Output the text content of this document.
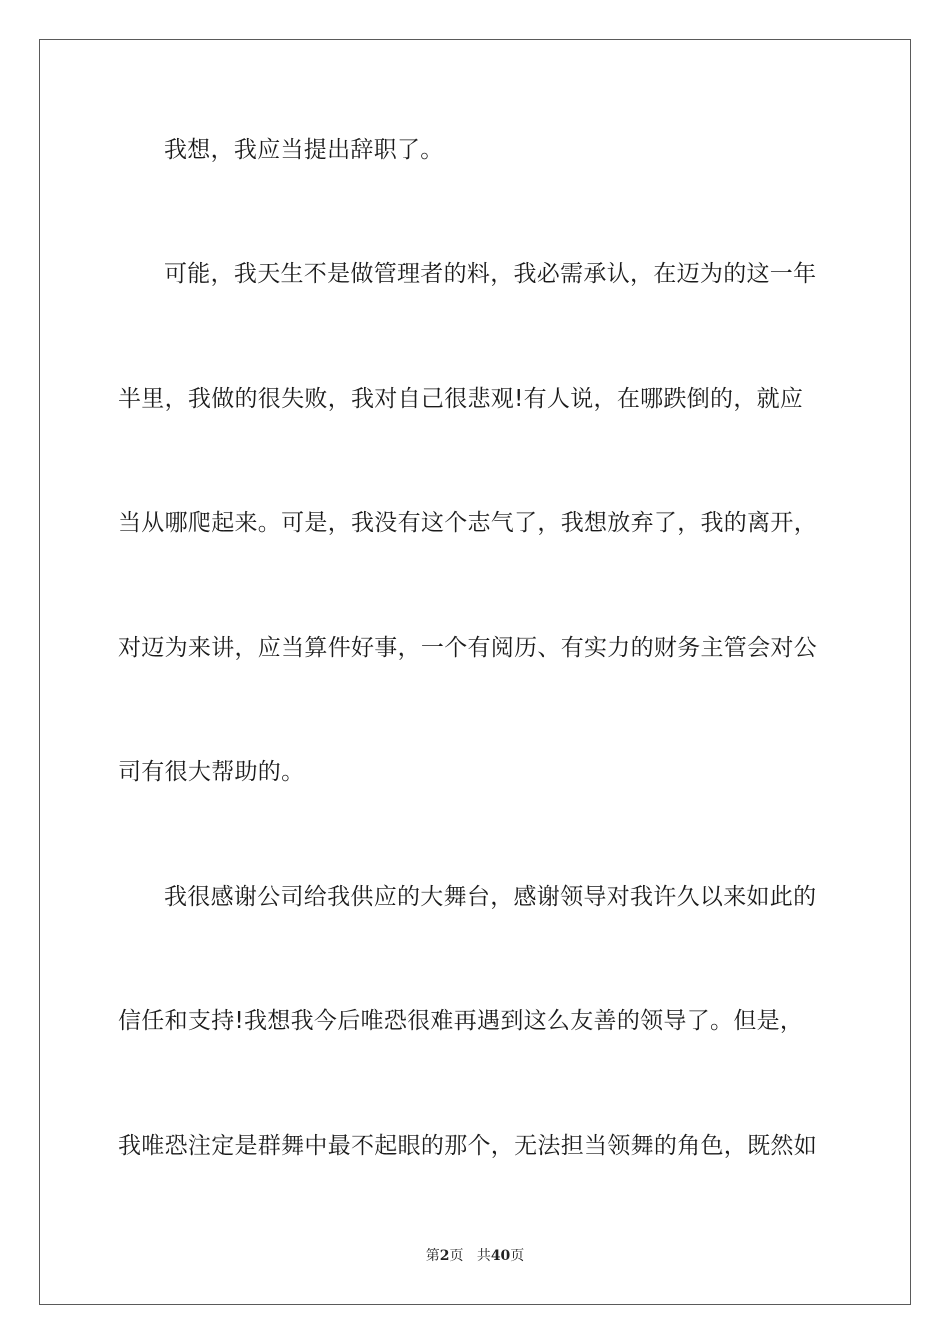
我想，我应当提出辞职了。
可能，我天生不是做管理者的料，我必需承认，在迈为的这一年
半里，我做的很失败，我对自己很悲观!有人说，在哪跌倒的，就应
当从哪爬起来。可是，我没有这个志气了，我想放弃了，我的离开，
对迈为来讲，应当算件好事，一个有阅历、有实力的财务主管会对公
司有很大帮助的。
我很感谢公司给我供应的大舞台，感谢领导对我许久以来如此的
信任和支持!我想我今后唯恐很难再遇到这么友善的领导了。但是，
我唯恐注定是群舞中最不起眼的那个，无法担当领舞的角色，既然如
第2页 共40页
